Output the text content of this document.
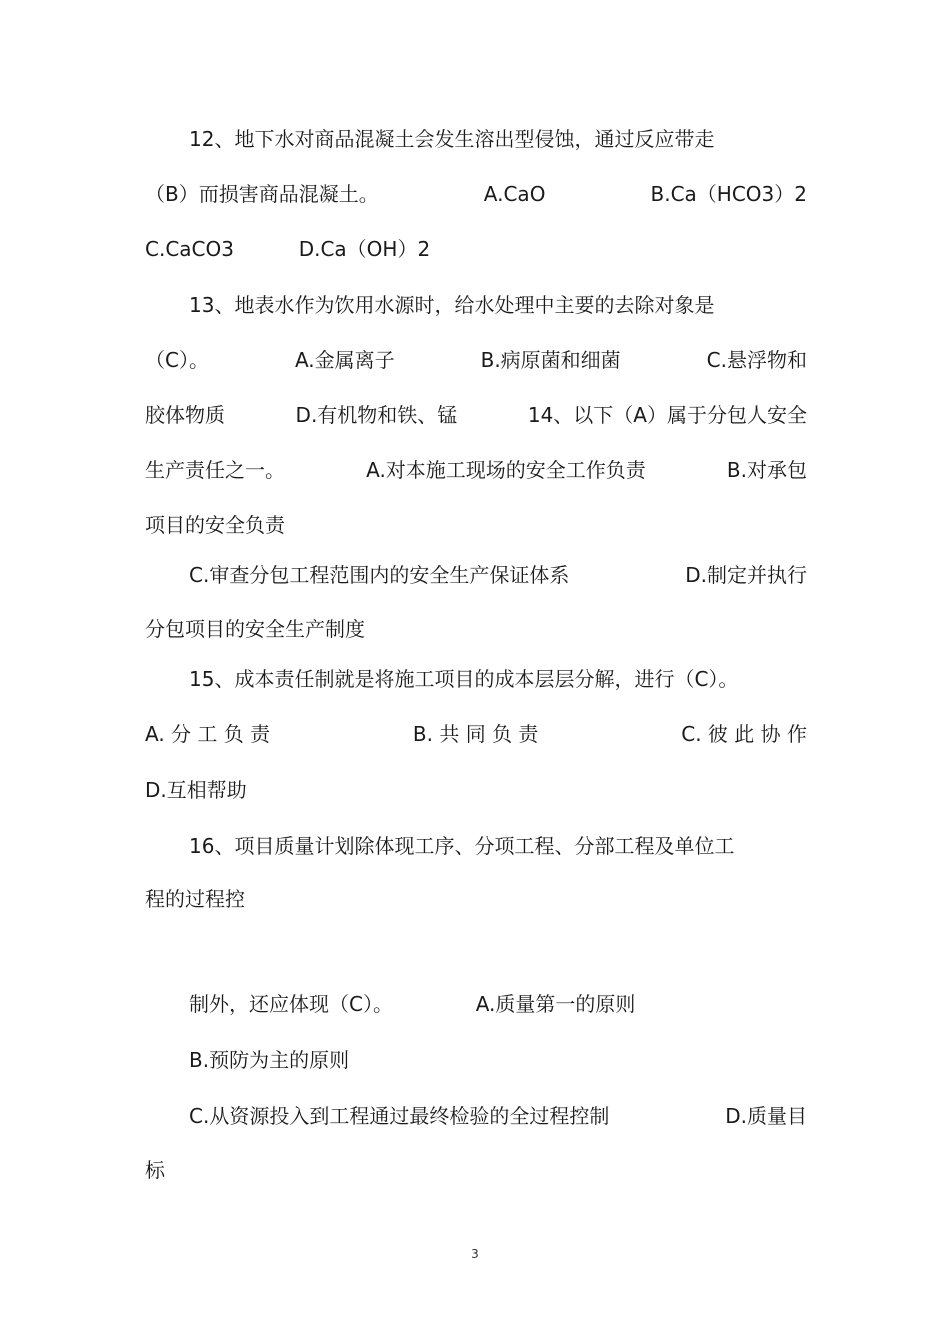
12、地下水对商品混凝土会发生溶出型侵蚀，通过反应带走
（B）而损害商品混凝土。	A.CaO	B.Ca（HCO3）2
C.CaCO3	D.Ca（OH）2
13、地表水作为饮用水源时，给水处理中主要的去除对象是
（C）。	A.金属离子	B.病原菌和细菌	C.悬浮物和
胶体物质	D.有机物和铁、锰	14、以下（A）属于分包人安全
生产责任之一。	A.对本施工现场的安全工作负责	B.对承包
项目的安全负责
C.审查分包工程范围内的安全生产保证体系	D.制定并执行
分包项目的安全生产制度
15、成本责任制就是将施工项目的成本层层分解，进行（C）。
A. 分 工 负 责	B. 共 同 负 责	C. 彼 此 协 作
D.互相帮助
16、项目质量计划除体现工序、分项工程、分部工程及单位工
程的过程控
制外，还应体现（C）。	A.质量第一的原则
B.预防为主的原则
C.从资源投入到工程通过最终检验的全过程控制	D.质量目
标
3
